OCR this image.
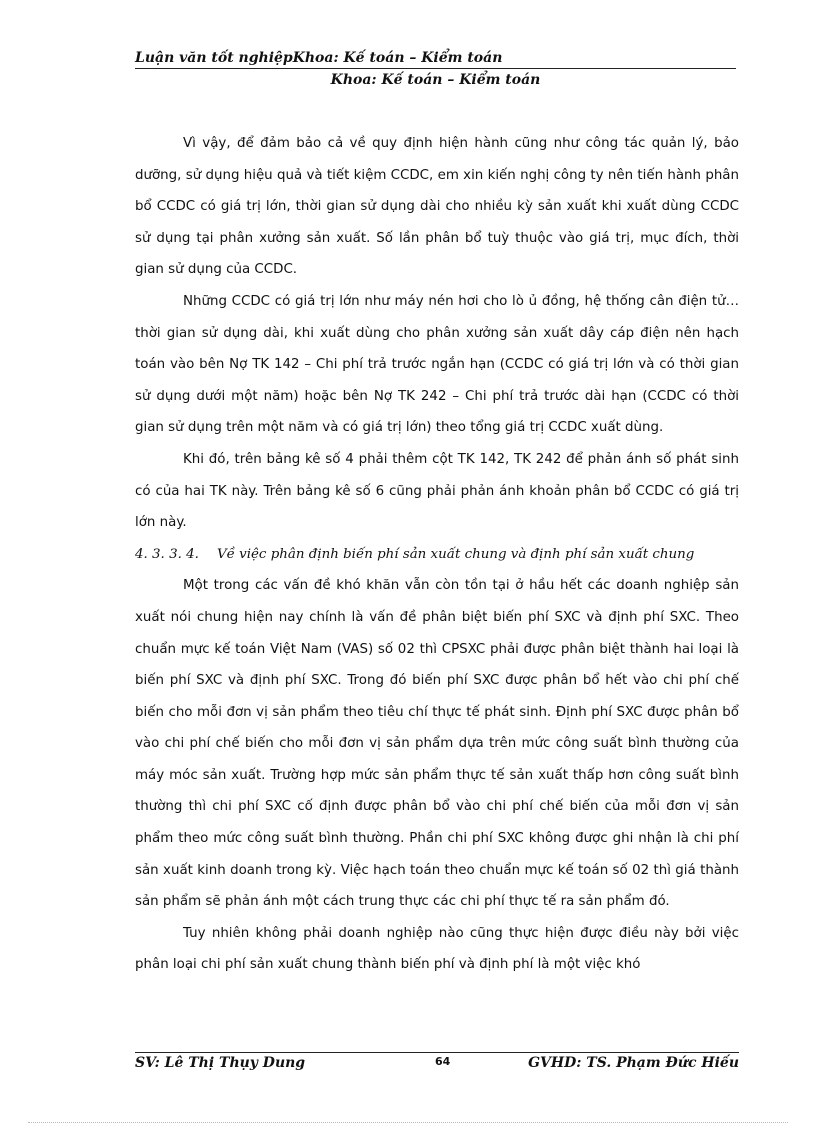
Luận văn tốt nghiệpKhoa: Kế toán – Kiểm toán
Khoa: Kế toán – Kiểm toán

Vì vậy, để đảm bảo cả về quy định hiện hành cũng như công tác quản lý, bảo dưỡng, sử dụng hiệu quả và tiết kiệm CCDC, em xin kiến nghị công ty nên tiến hành phân bổ CCDC có giá trị lớn, thời gian sử dụng dài cho nhiều kỳ sản xuất khi xuất dùng CCDC sử dụng tại phân xưởng sản xuất. Số lần phân bổ tuỳ thuộc vào giá trị, mục đích, thời gian sử dụng của CCDC.

Những CCDC có giá trị lớn như máy nén hơi cho lò ủ đồng, hệ thống cân điện tử…thời gian sử dụng dài, khi xuất dùng cho phân xưởng sản xuất dây cáp điện nên hạch toán vào bên Nợ TK 142 – Chi phí trả trước ngắn hạn (CCDC có giá trị lớn và có thời gian sử dụng dưới một năm) hoặc bên Nợ TK 242 – Chi phí trả trước dài hạn (CCDC có thời gian sử dụng trên một năm và có giá trị lớn) theo tổng giá trị CCDC xuất dùng.

Khi đó, trên bảng kê số 4 phải thêm cột TK 142, TK 242 để phản ánh số phát sinh có của hai TK này. Trên bảng kê số 6 cũng phải phản ánh khoản phân bổ CCDC có giá trị lớn này.

4. 3. 3. 4. Về việc phân định biến phí sản xuất chung và định phí sản xuất chung

Một trong các vấn đề khó khăn vẫn còn tồn tại ở hầu hết các doanh nghiệp sản xuất nói chung hiện nay chính là vấn đề phân biệt biến phí SXC và định phí SXC. Theo chuẩn mực kế toán Việt Nam (VAS) số 02 thì CPSXC phải được phân biệt thành hai loại là biến phí SXC và định phí SXC. Trong đó biến phí SXC được phân bổ hết vào chi phí chế biến cho mỗi đơn vị sản phẩm theo tiêu chí thực tế phát sinh. Định phí SXC được phân bổ vào chi phí chế biến cho mỗi đơn vị sản phẩm dựa trên mức công suất bình thường của máy móc sản xuất. Trường hợp mức sản phẩm thực tế sản xuất thấp hơn công suất bình thường thì chi phí SXC cố định được phân bổ vào chi phí chế biến của mỗi đơn vị sản phẩm theo mức công suất bình thường. Phần chi phí SXC không được ghi nhận là chi phí sản xuất kinh doanh trong kỳ. Việc hạch toán theo chuẩn mực kế toán số 02 thì giá thành sản phẩm sẽ phản ánh một cách trung thực các chi phí thực tế ra sản phẩm đó.

Tuy nhiên không phải doanh nghiệp nào cũng thực hiện được điều này bởi việc phân loại chi phí sản xuất chung thành biến phí và định phí là một việc khó

SV: Lê Thị Thụy Dung	64	GVHD: TS. Phạm Đức Hiếu
